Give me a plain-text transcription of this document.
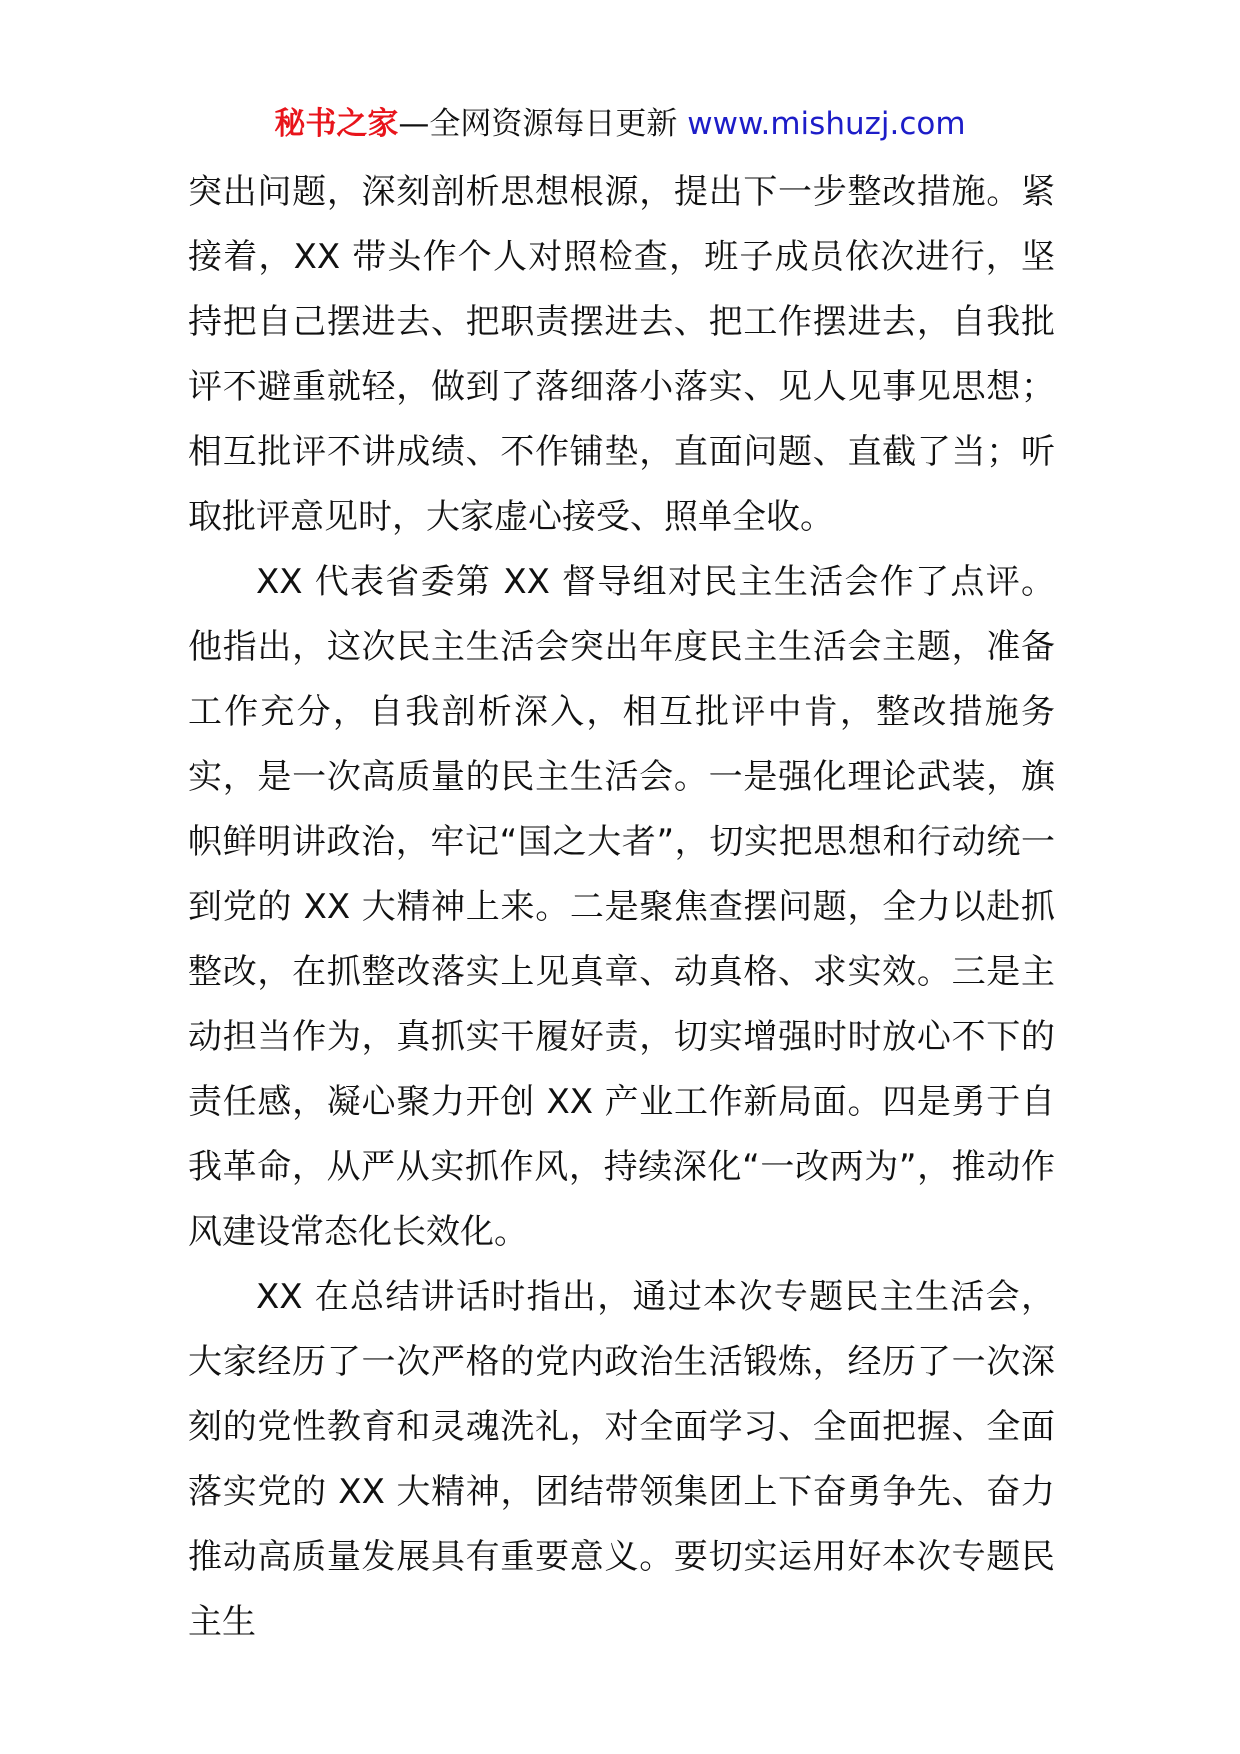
秘书之家—全网资源每日更新 www.mishuzj.com

突出问题，深刻剖析思想根源，提出下一步整改措施。紧接着，XX 带头作个人对照检查，班子成员依次进行，坚持把自己摆进去、把职责摆进去、把工作摆进去，自我批评不避重就轻，做到了落细落小落实、见人见事见思想；相互批评不讲成绩、不作铺垫，直面问题、直截了当；听取批评意见时，大家虚心接受、照单全收。

XX 代表省委第 XX 督导组对民主生活会作了点评。他指出，这次民主生活会突出年度民主生活会主题，准备工作充分，自我剖析深入，相互批评中肯，整改措施务实，是一次高质量的民主生活会。一是强化理论武装，旗帜鲜明讲政治，牢记“国之大者”，切实把思想和行动统一到党的 XX 大精神上来。二是聚焦查摆问题，全力以赴抓整改，在抓整改落实上见真章、动真格、求实效。三是主动担当作为，真抓实干履好责，切实增强时时放心不下的责任感，凝心聚力开创 XX 产业工作新局面。四是勇于自我革命，从严从实抓作风，持续深化“一改两为”，推动作风建设常态化长效化。

XX 在总结讲话时指出，通过本次专题民主生活会，大家经历了一次严格的党内政治生活锻炼，经历了一次深刻的党性教育和灵魂洗礼，对全面学习、全面把握、全面落实党的 XX 大精神，团结带领集团上下奋勇争先、奋力推动高质量发展具有重要意义。要切实运用好本次专题民主生
